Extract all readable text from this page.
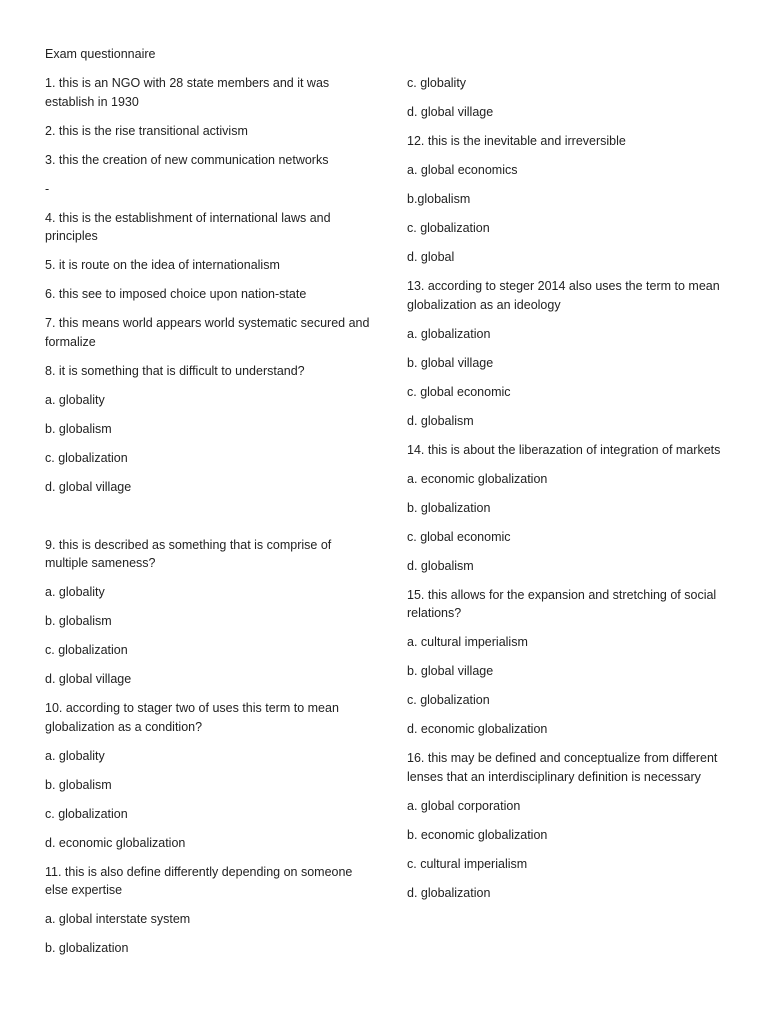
Exam questionnaire
1. this is an NGO with 28 state members and it was establish in 1930
2. this is the rise transitional activism
3. this the creation of new communication networks
-
4. this is the establishment of international laws and principles
5. it is route on the idea of internationalism
6. this see to imposed choice upon nation-state
7. this means world appears world systematic secured and formalize
8. it is something that is difficult to understand?
a. globality
b. globalism
c. globalization
d. global village
9. this is described as something that is comprise of multiple sameness?
a. globality
b. globalism
c. globalization
d. global village
10. according to stager two of uses this term to mean globalization as a condition?
a. globality
b. globalism
c. globalization
d. economic globalization
11. this is also define differently depending on someone else expertise
a. global interstate system
b. globalization
c. globality
d. global village
12. this is the inevitable and irreversible
a. global economics
b.globalism
c. globalization
d. global
13. according to steger 2014 also uses the term to mean globalization as an ideology
a. globalization
b. global village
c. global economic
d. globalism
14. this is about the liberazation of integration of markets
a. economic globalization
b. globalization
c. global economic
d. globalism
15. this allows for the expansion and stretching of social relations?
a. cultural imperialism
b. global village
c. globalization
d. economic globalization
16. this may be defined and conceptualize from different lenses that an interdisciplinary definition is necessary
a. global corporation
b. economic globalization
c. cultural imperialism
d. globalization
